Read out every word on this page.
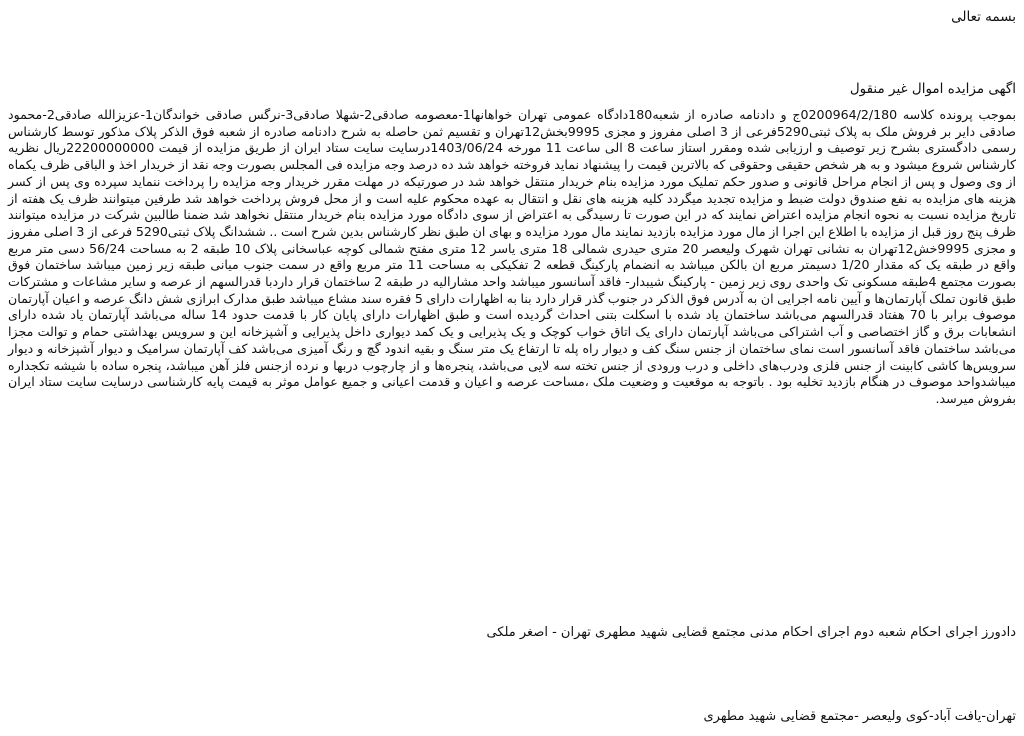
بسمه تعالی
اگهی مزایده اموال غیر منقول
بموجب پرونده کلاسه 0200964/2/180ج و دادنامه صادره از شعبه180دادگاه عمومی تهران خواهانها1-معصومه صادقی2-شهلا صادقی3-نرگس صادقی خواندگان1-عزیزالله صادقی2-محمود صادقی دایر بر فروش ملک به پلاک ثبتی5290فرعی از 3 اصلی مفروز و مجزی 9995بخش12تهران و تقسیم ثمن حاصله به شرح دادنامه صادره از شعبه فوق الذکر پلاک مذکور توسط کارشناس رسمی دادگستری بشرح زیر توصیف و ارزیابی شده ومقرر استاز ساعت 8 الی ساعت 11 مورخه 1403/06/24درسایت سایت ستاد ایران از طریق مزایده از قیمت 22200000000ریال نظریه کارشناس شروع میشود و به هر شخص حقیقی وحقوقی که بالاترین قیمت را پیشنهاد نماید فروخته خواهد شد ده درصد وجه مزایده فی المجلس بصورت وجه نقد از خریدار اخذ و الباقی ظرف یکماه از وی وصول و پس از انجام مراحل قانونی و صدور حکم تملیک مورد مزایده بنام خریدار منتقل خواهد شد در صورتیکه در مهلت مقرر خریدار وجه مزایده را پرداخت ننماید سپرده وی پس از کسر هزینه های مزایده به نفع صندوق دولت ضبط و مزایده تجدید میگردد کلیه هزینه های نقل و انتقال به عهده محکوم علیه است و از محل فروش پرداخت خواهد شد طرفین میتوانند ظرف یک هفته از تاریخ مزایده نسبت به نحوه انجام مزایده اعتراض نمایند که در این صورت تا رسیدگی به اعتراض از سوی دادگاه مورد مزایده بنام خریدار منتقل نخواهد شد ضمنا طالبین شرکت در مزایده میتوانند ظرف پنج روز قبل از مزایده با اطلاع این اجرا از مال مورد مزایده بازدید نمایند مال مورد مزایده و بهای ان طبق نظر کارشناس بدین شرح است .. ششدانگ پلاک ثبتی5290 فرعی از 3 اصلی مفروز و مجزی 9995خش12تهران به نشانی تهران شهرک ولیعصر 20 متری حیدری شمالی 18 متری یاسر 12 متری مفتح شمالی کوچه عباسخانی پلاک 10 طبقه 2 به مساحت 56/24 دسی متر مربع واقع در طبقه یک که مقدار 1/20 دسیمتر مربع ان بالکن میباشد به انضمام پارکینگ قطعه 2 تفکیکی به مساحت 11 متر مربع واقع در سمت جنوب میانی طبقه زیر زمین میباشد ساختمان فوق بصورت مجتمع 4طبقه مسکونی تک واحدی روی زیر زمین - پارکینگ شیبدار- فاقد آسانسور میباشد واحد مشارالیه در طبقه 2 ساختمان قرار داردبا قدرالسهم از عرصه و سایر مشاعات و مشترکات طبق قانون تملک آپارتمان‌ها و آیین نامه اجرایی ان به آدرس فوق الذکر در جنوب گذر قرار دارد بنا به اظهارات دارای 5 فقره سند مشاع میباشد طبق مدارک ابرازی شش دانگ عرصه و اعیان آپارتمان موصوف برابر با 70 هفتاد قدرالسهم می‌باشد ساختمان یاد شده با اسکلت بتنی احداث گردیده است و طبق اظهارات دارای پایان کار با قدمت حدود 14 ساله می‌باشد آپارتمان یاد شده دارای انشعابات برق و گاز اختصاصی و آب اشتراکی می‌باشد آپارتمان دارای یک اتاق خواب کوچک و یک پذیرایی و یک کمد دیواری داخل پذیرایی و آشپزخانه این و سرویس بهداشتی حمام و توالت مجزا می‌باشد ساختمان فاقد آسانسور است نمای ساختمان از جنس سنگ کف و دیوار راه پله تا ارتفاع یک متر سنگ و بقیه اندود گچ و رنگ آمیزی می‌باشد کف آپارتمان سرامیک و دیوار آشپزخانه و دیوار سرویس‌ها کاشی کابینت از جنس فلزی ودرب‌های داخلی و درب ورودی از جنس تخته سه لایی می‌باشد، پنجره‌ها و از چارچوب دربها و نرده ازجنس فلز آهن میباشد، پنجره ساده با شیشه تکجداره میباشدواحد موصوف در هنگام بازدید تخلیه بود . باتوجه به موقعیت و وضعیت ملک ،مساحت عرصه و اعیان و قدمت اعیانی و جمیع عوامل موثر به قیمت پایه کارشناسی درسایت سایت ستاد ایران بفروش میرسد.
دادورز اجرای احکام شعبه دوم اجرای احکام مدنی مجتمع قضایی شهید مطهری تهران - اصغر ملکی
تهران-یافت آباد-کوی ولیعصر -مجتمع قضایی شهید مطهری
